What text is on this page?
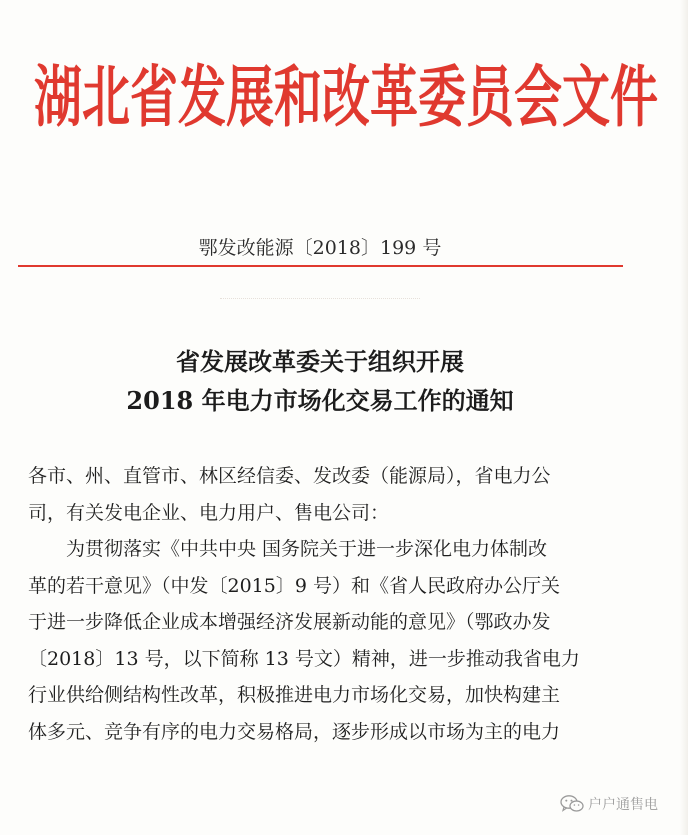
湖北省发展和改革委员会文件
鄂发改能源〔2018〕199 号
省发展改革委关于组织开展
2018 年电力市场化交易工作的通知
各市、州、直管市、林区经信委、发改委（能源局），省电力公
司，有关发电企业、电力用户、售电公司：
为贯彻落实《中共中央 国务院关于进一步深化电力体制改
革的若干意见》（中发〔2015〕9 号）和《省人民政府办公厅关
于进一步降低企业成本增强经济发展新动能的意见》（鄂政办发
〔2018〕13 号，以下简称 13 号文）精神，进一步推动我省电力
行业供给侧结构性改革，积极推进电力市场化交易，加快构建主
体多元、竞争有序的电力交易格局，逐步形成以市场为主的电力
户户通售电
